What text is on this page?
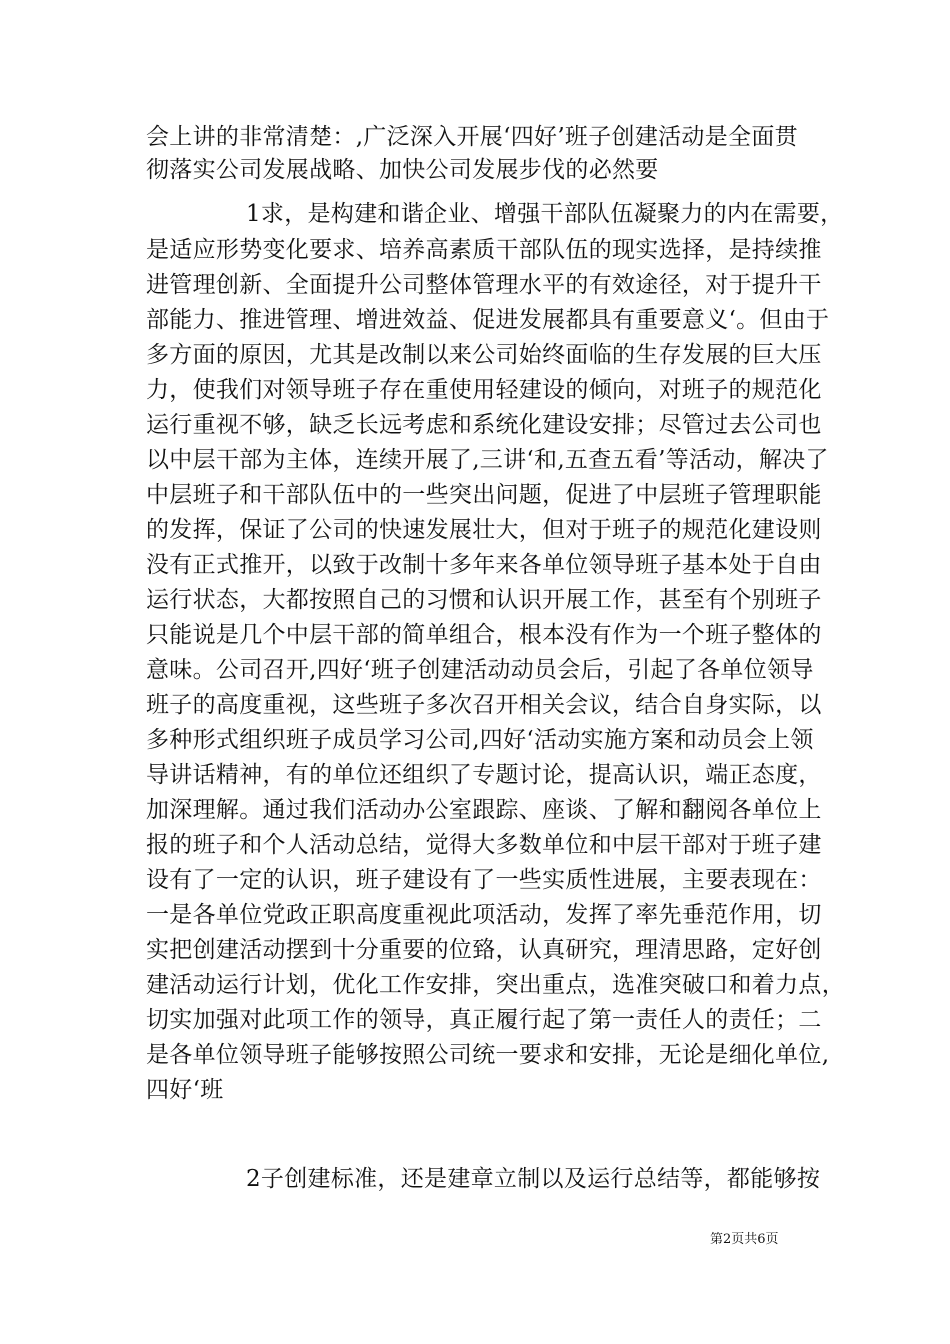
会上讲的非常清楚：,广泛深入开展‘四好’班子创建活动是全面贯
彻落实公司发展战略、加快公司发展步伐的必然要
1求，是构建和谐企业、增强干部队伍凝聚力的内在需要，
是适应形势变化要求、培养高素质干部队伍的现实选择，是持续推
进管理创新、全面提升公司整体管理水平的有效途径，对于提升干
部能力、推进管理、增进效益、促进发展都具有重要意义‘。但由于
多方面的原因，尤其是改制以来公司始终面临的生存发展的巨大压
力，使我们对领导班子存在重使用轻建设的倾向，对班子的规范化
运行重视不够，缺乏长远考虑和系统化建设安排；尽管过去公司也
以中层干部为主体，连续开展了,三讲‘和,五查五看’等活动，解决了
中层班子和干部队伍中的一些突出问题，促进了中层班子管理职能
的发挥，保证了公司的快速发展壮大，但对于班子的规范化建设则
没有正式推开，以致于改制十多年来各单位领导班子基本处于自由
运行状态，大都按照自己的习惯和认识开展工作，甚至有个别班子
只能说是几个中层干部的简单组合，根本没有作为一个班子整体的
意味。公司召开,四好‘班子创建活动动员会后，引起了各单位领导
班子的高度重视，这些班子多次召开相关会议，结合自身实际，以
多种形式组织班子成员学习公司,四好‘活动实施方案和动员会上领
导讲话精神，有的单位还组织了专题讨论，提高认识，端正态度，
加深理解。通过我们活动办公室跟踪、座谈、了解和翻阅各单位上
报的班子和个人活动总结，觉得大多数单位和中层干部对于班子建
设有了一定的认识，班子建设有了一些实质性进展，主要表现在：
一是各单位党政正职高度重视此项活动，发挥了率先垂范作用，切
实把创建活动摆到十分重要的位臵，认真研究，理清思路，定好创
建活动运行计划，优化工作安排，突出重点，选准突破口和着力点，
切实加强对此项工作的领导，真正履行起了第一责任人的责任；二
是各单位领导班子能够按照公司统一要求和安排，无论是细化单位,
四好‘班
2子创建标准，还是建章立制以及运行总结等，都能够按
第2页共6页
